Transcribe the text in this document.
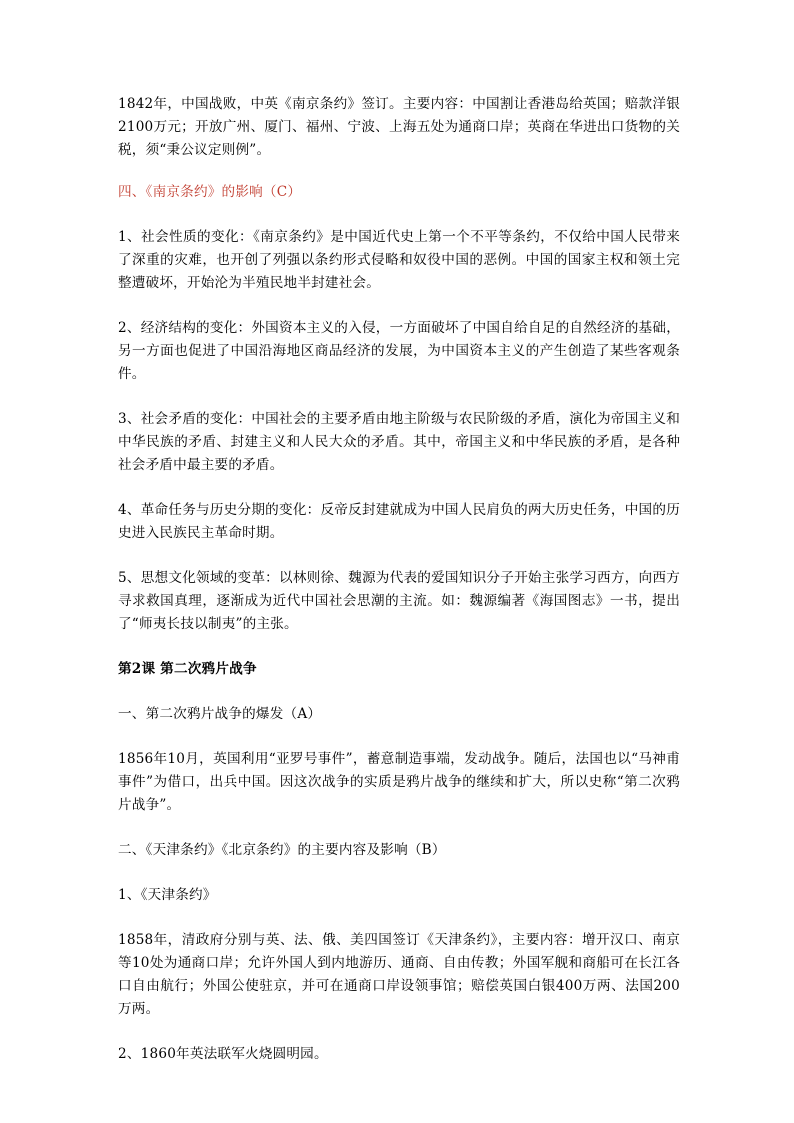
1842年，中国战败，中英《南京条约》签订。主要内容：中国割让香港岛给英国；赔款洋银2100万元；开放广州、厦门、福州、宁波、上海五处为通商口岸；英商在华进出口货物的关税，须“秉公议定则例”。

四、《南京条约》的影响（C）

1、社会性质的变化：《南京条约》是中国近代史上第一个不平等条约，不仅给中国人民带来了深重的灾难，也开创了列强以条约形式侵略和奴役中国的恶例。中国的国家主权和领土完整遭破坏，开始沦为半殖民地半封建社会。

2、经济结构的变化：外国资本主义的入侵，一方面破坏了中国自给自足的自然经济的基础，另一方面也促进了中国沿海地区商品经济的发展，为中国资本主义的产生创造了某些客观条件。

3、社会矛盾的变化：中国社会的主要矛盾由地主阶级与农民阶级的矛盾，演化为帝国主义和中华民族的矛盾、封建主义和人民大众的矛盾。其中，帝国主义和中华民族的矛盾，是各种社会矛盾中最主要的矛盾。

4、革命任务与历史分期的变化：反帝反封建就成为中国人民肩负的两大历史任务，中国的历史进入民族民主革命时期。

5、思想文化领域的变革：以林则徐、魏源为代表的爱国知识分子开始主张学习西方，向西方寻求救国真理，逐渐成为近代中国社会思潮的主流。如：魏源编著《海国图志》一书，提出了“师夷长技以制夷”的主张。

第2课 第二次鸦片战争

一、第二次鸦片战争的爆发（A）

1856年10月，英国利用“亚罗号事件”，蓄意制造事端，发动战争。随后，法国也以“马神甫事件”为借口，出兵中国。因这次战争的实质是鸦片战争的继续和扩大，所以史称“第二次鸦片战争”。

二、《天津条约》《北京条约》的主要内容及影响（B）

1、《天津条约》

1858年，清政府分别与英、法、俄、美四国签订《天津条约》，主要内容：增开汉口、南京等10处为通商口岸；允许外国人到内地游历、通商、自由传教；外国军舰和商船可在长江各口自由航行；外国公使驻京，并可在通商口岸设领事馆；赔偿英国白银400万两、法国200万两。

2、1860年英法联军火烧圆明园。
